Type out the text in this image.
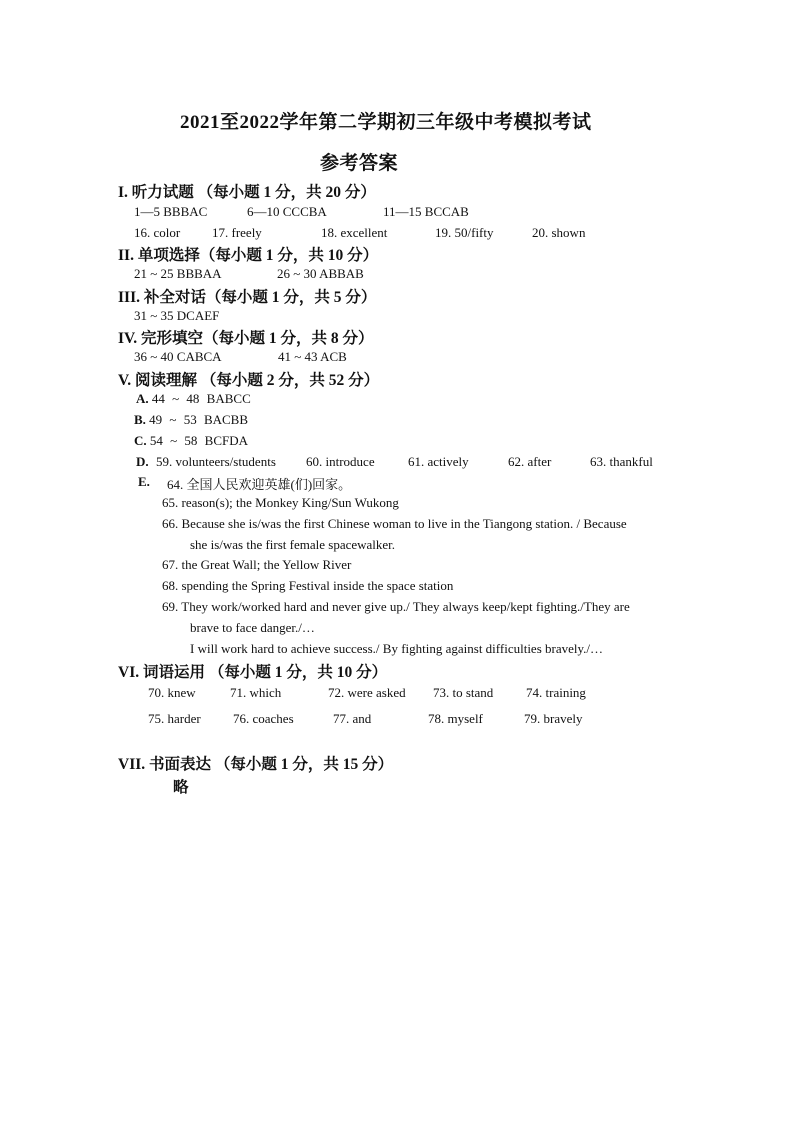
2021至2022学年第二学期初三年级中考模拟考试
参考答案
I. 听力试题 （每小题 1 分，共 20 分）
1—5 BBBAC	6—10 CCCBA	11—15 BCCAB
16. color 17. freely	18. excellent	19. 50/fifty	20. shown
II. 单项选择（每小题 1 分，共 10 分）
21 ~ 25 BBBAA	26 ~ 30 ABBAB
III. 补全对话（每小题 1 分，共 5 分）
31 ~ 35 DCAEF
IV. 完形填空（每小题 1 分，共 8 分）
36 ~ 40 CABCA	41 ~ 43 ACB
V. 阅读理解 （每小题 2 分，共 52 分）
A. 44 ~ 48 BABCC
B. 49 ~ 53 BACBB
C. 54 ~ 58 BCFDA
D. 59. volunteers/students 60. introduce	61. actively	62. after	63. thankful
E. 64. 全国人民欢迎英雄(们)回家。
65. reason(s); the Monkey King/Sun Wukong
66. Because she is/was the first Chinese woman to live in the Tiangong station. / Because
she is/was the first female spacewalker.
67. the Great Wall; the Yellow River
68. spending the Spring Festival inside the space station
69. They work/worked hard and never give up./ They always keep/kept fighting./They are
brave to face danger./…
I will work hard to achieve success./ By fighting against difficulties bravely./…
VI. 词语运用 （每小题 1 分，共 10 分）
70. knew	71. which	72. were asked 73. to stand	74. training
75. harder 76. coaches	77. and	78. myself	79. bravely
VII. 书面表达 （每小题 1 分，共 15 分）
略
